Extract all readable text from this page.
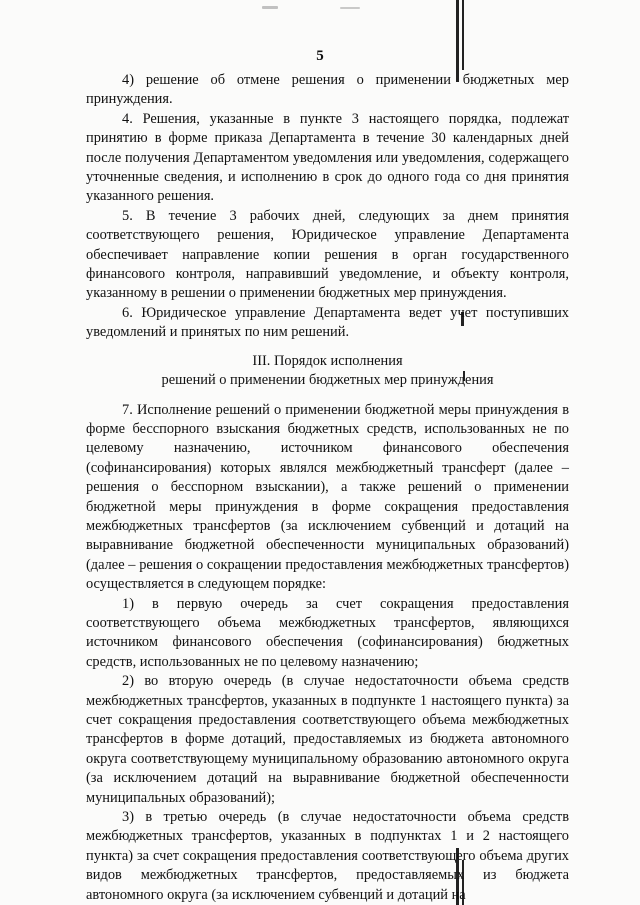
5

4) решение об отмене решения о применении бюджетных мер принуждения.

4. Решения, указанные в пункте 3 настоящего порядка, подлежат принятию в форме приказа Департамента в течение 30 календарных дней после получения Департаментом уведомления или уведомления, содержащего уточненные сведения, и исполнению в срок до одного года со дня принятия указанного решения.

5. В течение 3 рабочих дней, следующих за днем принятия соответствующего решения, Юридическое управление Департамента обеспечивает направление копии решения в орган государственного финансового контроля, направивший уведомление, и объекту контроля, указанному в решении о применении бюджетных мер принуждения.

6. Юридическое управление Департамента ведет учет поступивших уведомлений и принятых по ним решений.

III. Порядок исполнения
решений о применении бюджетных мер принуждения

7. Исполнение решений о применении бюджетной меры принуждения в форме бесспорного взыскания бюджетных средств, использованных не по целевому назначению, источником финансового обеспечения (софинансирования) которых являлся межбюджетный трансферт (далее – решения о бесспорном взыскании), а также решений о применении бюджетной меры принуждения в форме сокращения предоставления межбюджетных трансфертов (за исключением субвенций и дотаций на выравнивание бюджетной обеспеченности муниципальных образований) (далее – решения о сокращении предоставления межбюджетных трансфертов) осуществляется в следующем порядке:

1) в первую очередь за счет сокращения предоставления соответствующего объема межбюджетных трансфертов, являющихся источником финансового обеспечения (софинансирования) бюджетных средств, использованных не по целевому назначению;

2) во вторую очередь (в случае недостаточности объема средств межбюджетных трансфертов, указанных в подпункте 1 настоящего пункта) за счет сокращения предоставления соответствующего объема межбюджетных трансфертов в форме дотаций, предоставляемых из бюджета автономного округа соответствующему муниципальному образованию автономного округа (за исключением дотаций на выравнивание бюджетной обеспеченности муниципальных образований);

3) в третью очередь (в случае недостаточности объема средств межбюджетных трансфертов, указанных в подпунктах 1 и 2 настоящего пункта) за счет сокращения предоставления соответствующего объема других видов межбюджетных трансфертов, предоставляемых из бюджета автономного округа (за исключением субвенций и дотаций на
